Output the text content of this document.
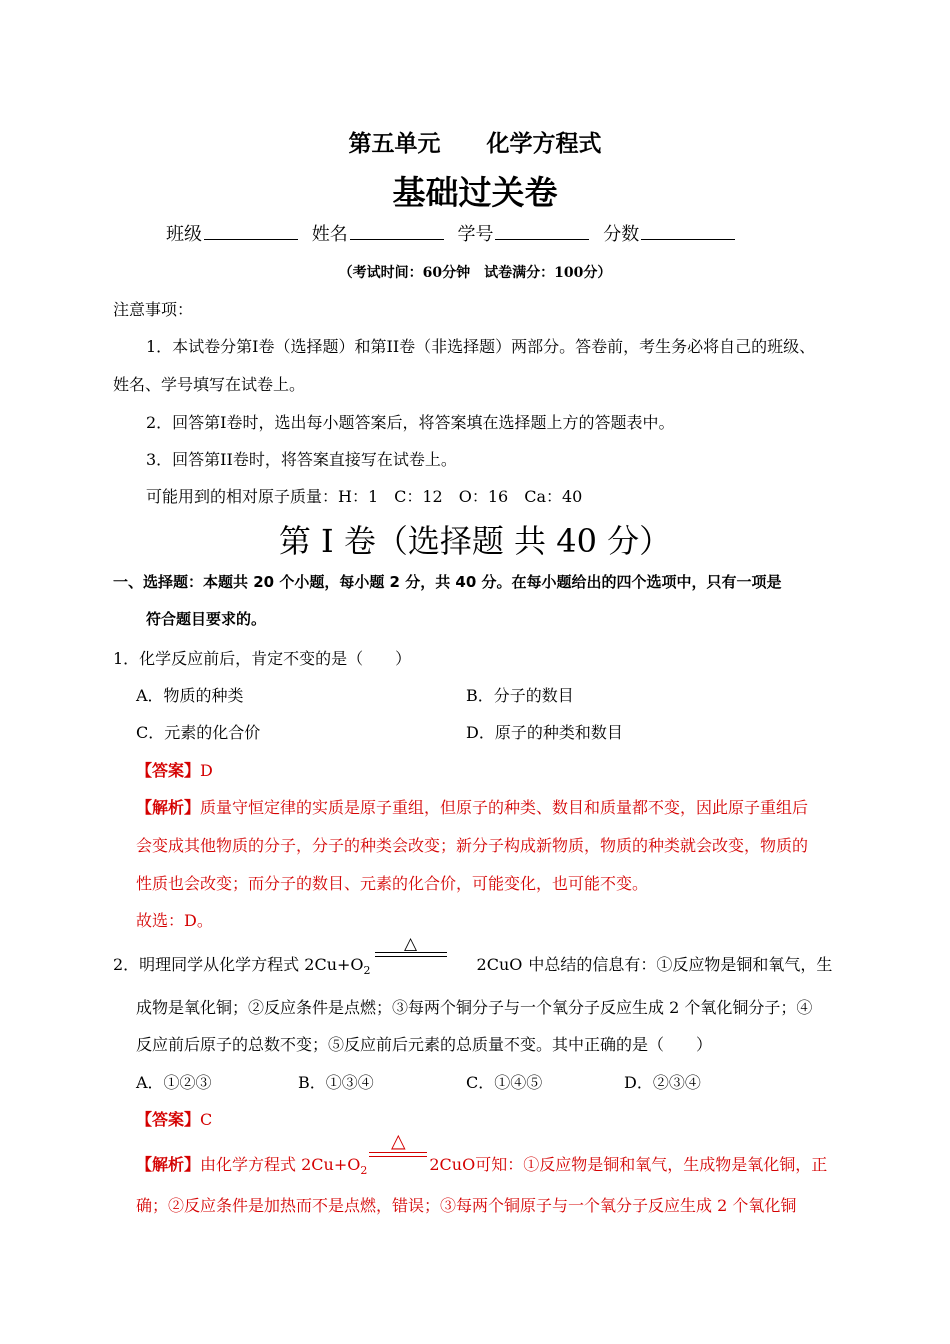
第五单元　　化学方程式
基础过关卷
班级	姓名	学号	分数
（考试时间：60分钟　试卷满分：100分）
注意事项：
1．本试卷分第I卷（选择题）和第II卷（非选择题）两部分。答卷前，考生务必将自己的班级、
姓名、学号填写在试卷上。
2．回答第I卷时，选出每小题答案后，将答案填在选择题上方的答题表中。
3．回答第II卷时，将答案直接写在试卷上。
可能用到的相对原子质量：H：1　C：12　O：16　Ca：40
第 I 卷（选择题 共 40 分）
一、选择题：本题共 20 个小题，每小题 2 分，共 40 分。在每小题给出的四个选项中，只有一项是
符合题目要求的。
1．化学反应前后，肯定不变的是（　　）
A．物质的种类	B．分子的数目
C．元素的化合价	D．原子的种类和数目
【答案】D
【解析】质量守恒定律的实质是原子重组，但原子的种类、数目和质量都不变，因此原子重组后
会变成其他物质的分子，分子的种类会改变；新分子构成新物质，物质的种类就会改变，物质的
性质也会改变；而分子的数目、元素的化合价，可能变化，也可能不变。
故选：D。
2．明理同学从化学方程式 $2Cu+O_2$
△
2CuO 中总结的信息有：①反应物是铜和氧气，生
成物是氧化铜；②反应条件是点燃；③每两个铜分子与一个氧分子反应生成 2 个氧化铜分子；④
反应前后原子的总数不变；⑤反应前后元素的总质量不变。其中正确的是（　　）
A．①②③	B．①③④	C．①④⑤	D．②③④
【答案】C
【解析】由化学方程式 $2Cu+O_2$
△
2CuO可知：①反应物是铜和氧气，生成物是氧化铜，正
确；②反应条件是加热而不是点燃，错误；③每两个铜原子与一个氧分子反应生成 2 个氧化铜
